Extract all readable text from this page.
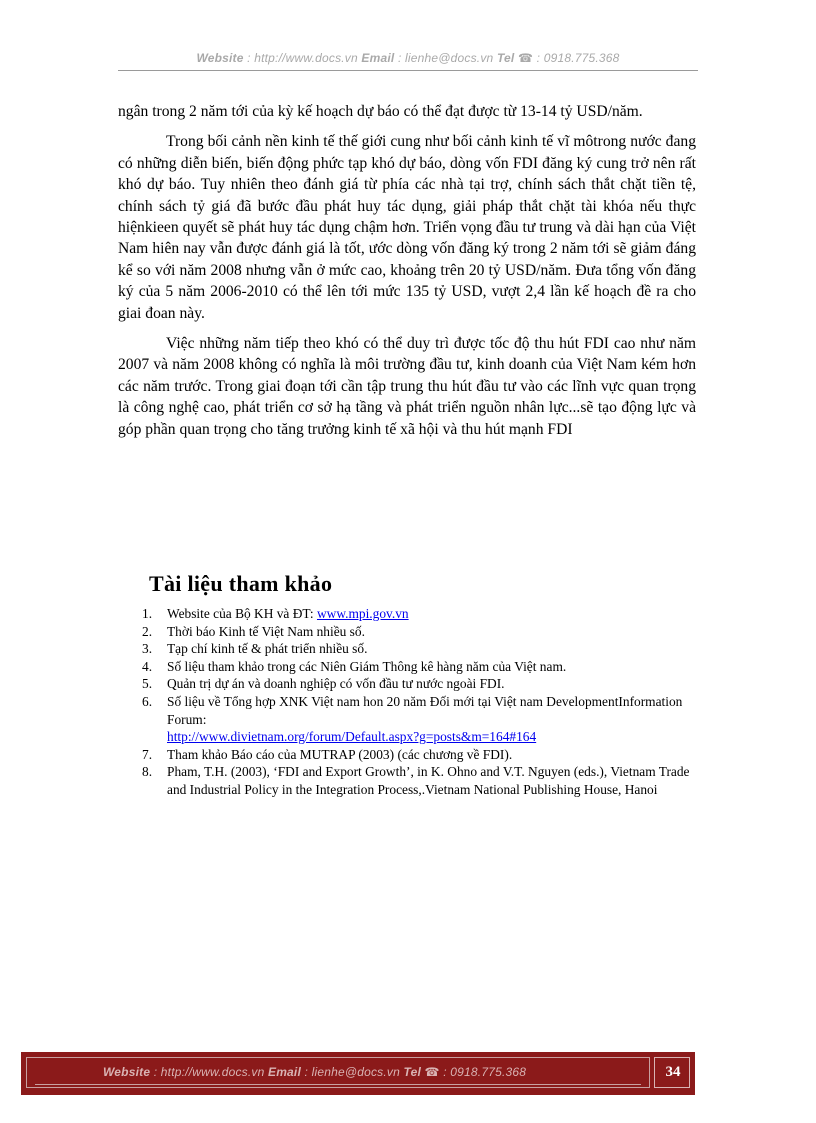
Website : http://www.docs.vn Email : lienhe@docs.vn Tel ☎ : 0918.775.368

ngân trong 2 năm tới của kỳ kế hoạch dự báo có thể đạt được từ 13-14 tỷ USD/năm.

Trong bối cảnh nền kinh tế thế giới cung như bối cảnh kinh tế vĩ môtrong nước đang có những diễn biến, biến động phức tạp khó dự báo, dòng vốn FDI đăng ký cung trở nên rất khó dự báo. Tuy nhiên theo đánh giá từ phía các nhà tại trợ, chính sách thắt chặt tiền tệ, chính sách tỷ giá đã bước đầu phát huy tác dụng, giải pháp thắt chặt tài khóa nếu thực hiệnkieen quyết sẽ phát huy tác dụng chậm hơn. Triển vọng đầu tư trung và dài hạn của Việt Nam hiên nay vẫn được đánh giá là tốt, ước dòng vốn đăng ký trong 2 năm tới sẽ giảm đáng kể so với năm 2008 nhưng vẫn ở mức cao, khoảng trên 20 tỷ USD/năm. Đưa tổng vốn đăng ký của 5 năm 2006-2010 có thể lên tới mức 135 tỷ USD, vượt 2,4 lần kế hoạch đề ra cho giai đoan này.

Việc những năm tiếp theo khó có thể duy trì được tốc độ thu hút FDI cao như năm 2007 và năm 2008 không có nghĩa là môi trường đầu tư, kinh doanh của Việt Nam kém hơn các năm trước. Trong giai đoạn tới cần tập trung thu hút đầu tư vào các lĩnh vực quan trọng là công nghệ cao, phát triển cơ sở hạ tầng và phát triển nguồn nhân lực...sẽ tạo động lực và góp phần quan trọng cho tăng trưởng kinh tế xã hội và thu hút mạnh FDI

Tài liệu tham khảo
1. Website của Bộ KH và ĐT: www.mpi.gov.vn
2. Thời báo Kinh tế Việt Nam nhiều số.
3. Tạp chí kinh tế & phát triển nhiều số.
4. Số liệu tham khảo trong các Niên Giám Thông kê hàng năm của Việt nam.
5. Quản trị dự án và doanh nghiệp có vốn đầu tư nước ngoài FDI.
6. Số liệu về Tổng hợp XNK Việt nam hon 20 năm Đối mới tại Việt nam DevelopmentInformation Forum:
http://www.divietnam.org/forum/Default.aspx?g=posts&m=164#164
7. Tham khảo Báo cáo của MUTRAP (2003) (các chương về FDI).
8. Pham, T.H. (2003), ‘FDI and Export Growth’, in K. Ohno and V.T. Nguyen (eds.), Vietnam Trade and Industrial Policy in the Integration Process,.Vietnam National Publishing House, Hanoi
Website : http://www.docs.vn Email : lienhe@docs.vn Tel ☎ : 0918.775.368	34
